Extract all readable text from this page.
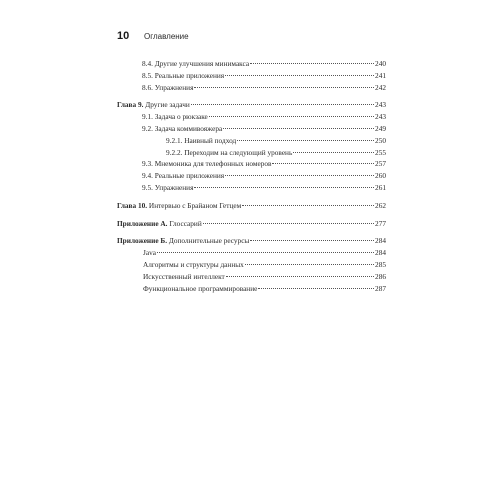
10	Оглавление
8.4. Другие улучшения минимакса	240
8.5. Реальные приложения	241
8.6. Упражнения	242
Глава 9. Другие задачи	243
9.1. Задача о рюкзаке	243
9.2. Задача коммивояжера	249
9.2.1. Наивный подход	250
9.2.2. Переходим на следующий уровень	255
9.3. Мнемоника для телефонных номеров	257
9.4. Реальные приложения	260
9.5. Упражнения	261
Глава 10. Интервью с Брайаном Гетцем	262
Приложение А. Глоссарий	277
Приложение Б. Дополнительные ресурсы	284
Java	284
Алгоритмы и структуры данных	285
Искусственный интеллект	286
Функциональное программирование	287
